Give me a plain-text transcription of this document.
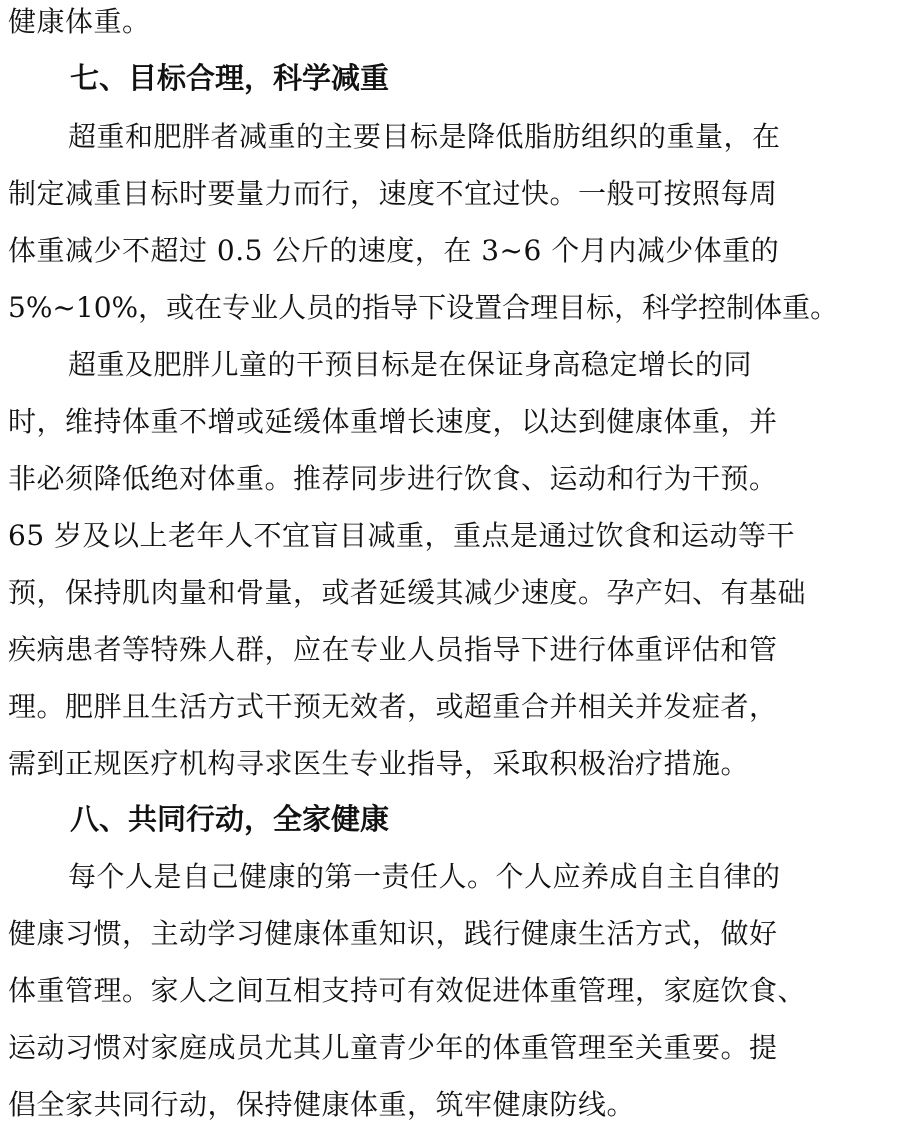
健康体重。
七、目标合理，科学减重
超重和肥胖者减重的主要目标是降低脂肪组织的重量，在
制定减重目标时要量力而行，速度不宜过快。一般可按照每周
体重减少不超过 0.5 公斤的速度，在 3~6 个月内减少体重的
5%~10%，或在专业人员的指导下设置合理目标，科学控制体重。
超重及肥胖儿童的干预目标是在保证身高稳定增长的同
时，维持体重不增或延缓体重增长速度，以达到健康体重，并
非必须降低绝对体重。推荐同步进行饮食、运动和行为干预。
65 岁及以上老年人不宜盲目减重，重点是通过饮食和运动等干
预，保持肌肉量和骨量，或者延缓其减少速度。孕产妇、有基础
疾病患者等特殊人群，应在专业人员指导下进行体重评估和管
理。肥胖且生活方式干预无效者，或超重合并相关并发症者，
需到正规医疗机构寻求医生专业指导，采取积极治疗措施。
八、共同行动，全家健康
每个人是自己健康的第一责任人。个人应养成自主自律的
健康习惯，主动学习健康体重知识，践行健康生活方式，做好
体重管理。家人之间互相支持可有效促进体重管理，家庭饮食、
运动习惯对家庭成员尤其儿童青少年的体重管理至关重要。提
倡全家共同行动，保持健康体重，筑牢健康防线。
